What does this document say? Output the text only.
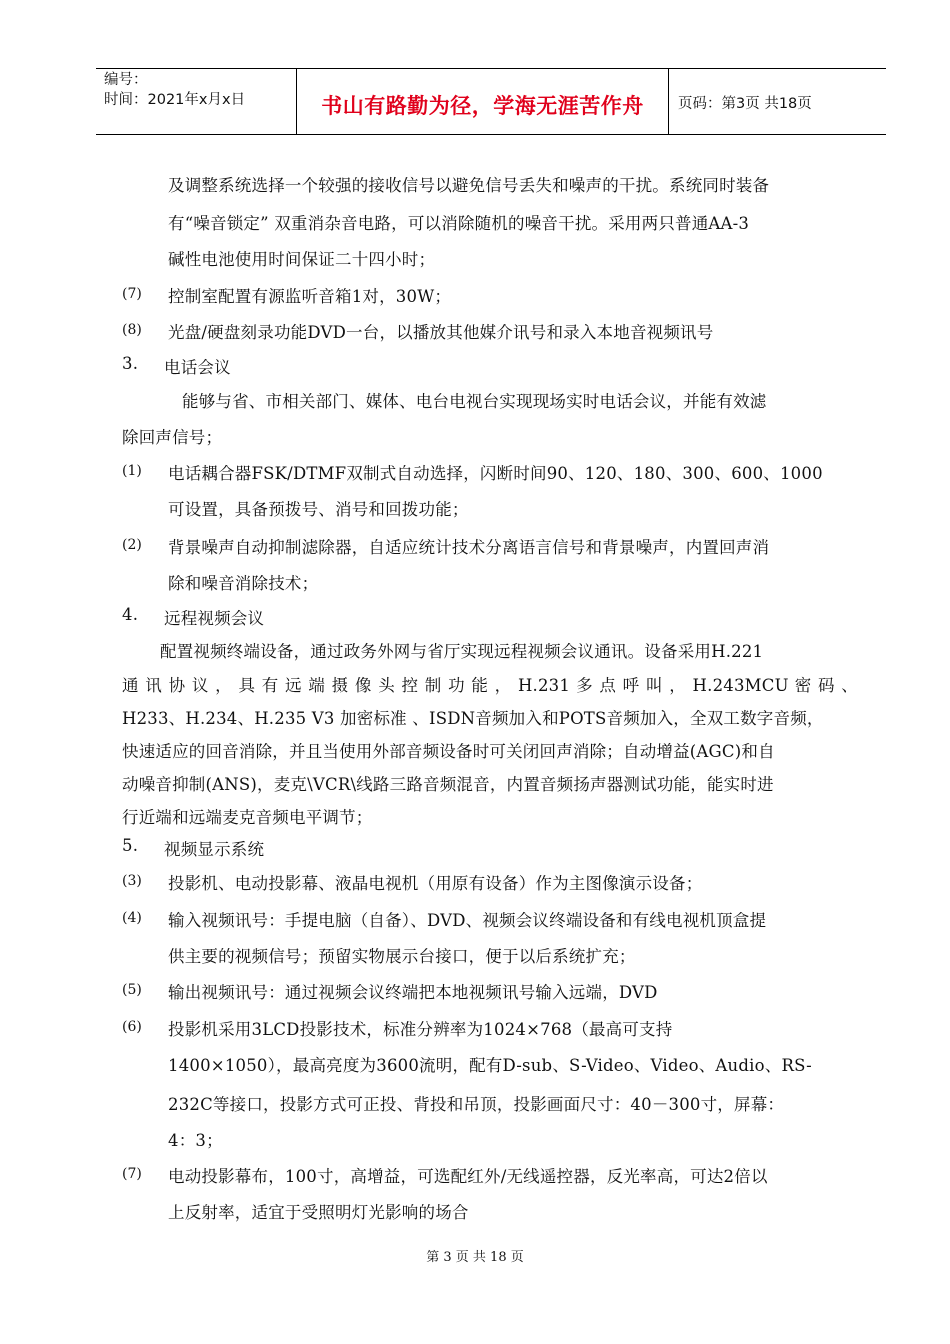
编号：
时间：2021年x月x日	书山有路勤为径，学海无涯苦作舟	页码：第3页 共18页
及调整系统选择一个较强的接收信号以避免信号丢失和噪声的干扰。系统同时装备
有“噪音锁定” 双重消杂音电路，可以消除随机的噪音干扰。采用两只普通AA-3
碱性电池使用时间保证二十四小时；
(7) 控制室配置有源监听音箱1对，30W；
(8) 光盘/硬盘刻录功能DVD一台，以播放其他媒介讯号和录入本地音视频讯号
3. 电话会议
能够与省、市相关部门、媒体、电台电视台实现现场实时电话会议，并能有效滤
除回声信号；
(1) 电话耦合器FSK/DTMF双制式自动选择，闪断时间90、120、180、300、600、1000
可设置，具备预拨号、消号和回拨功能；
(2) 背景噪声自动抑制滤除器，自适应统计技术分离语言信号和背景噪声，内置回声消
除和噪音消除技术；
4. 远程视频会议
配置视频终端设备，通过政务外网与省厅实现远程视频会议通讯。设备采用H.221
通 讯 协 议 ， 具 有 远 端 摄 像 头 控 制 功 能 ， H.231 多 点 呼 叫 ， H.243MCU 密 码 、
H233、H.234、H.235 V3 加密标准 、ISDN音频加入和POTS音频加入，全双工数字音频，
快速适应的回音消除，并且当使用外部音频设备时可关闭回声消除；自动增益(AGC)和自
动噪音抑制(ANS)，麦克\VCR\线路三路音频混音，内置音频扬声器测试功能，能实时进
行近端和远端麦克音频电平调节；
5. 视频显示系统
(3) 投影机、电动投影幕、液晶电视机（用原有设备）作为主图像演示设备；
(4) 输入视频讯号：手提电脑（自备）、DVD、视频会议终端设备和有线电视机顶盒提
供主要的视频信号；预留实物展示台接口，便于以后系统扩充；
(5) 输出视频讯号：通过视频会议终端把本地视频讯号输入远端，DVD
(6) 投影机采用3LCD投影技术，标准分辨率为1024×768（最高可支持
1400×1050），最高亮度为3600流明，配有D-sub、S-Video、Video、Audio、RS-
232C等接口，投影方式可正投、背投和吊顶，投影画面尺寸：40－300寸，屏幕：
4：3；
(7) 电动投影幕布，100寸，高增益，可选配红外/无线遥控器，反光率高，可达2倍以
上反射率，适宜于受照明灯光影响的场合
第 3 页 共 18 页
